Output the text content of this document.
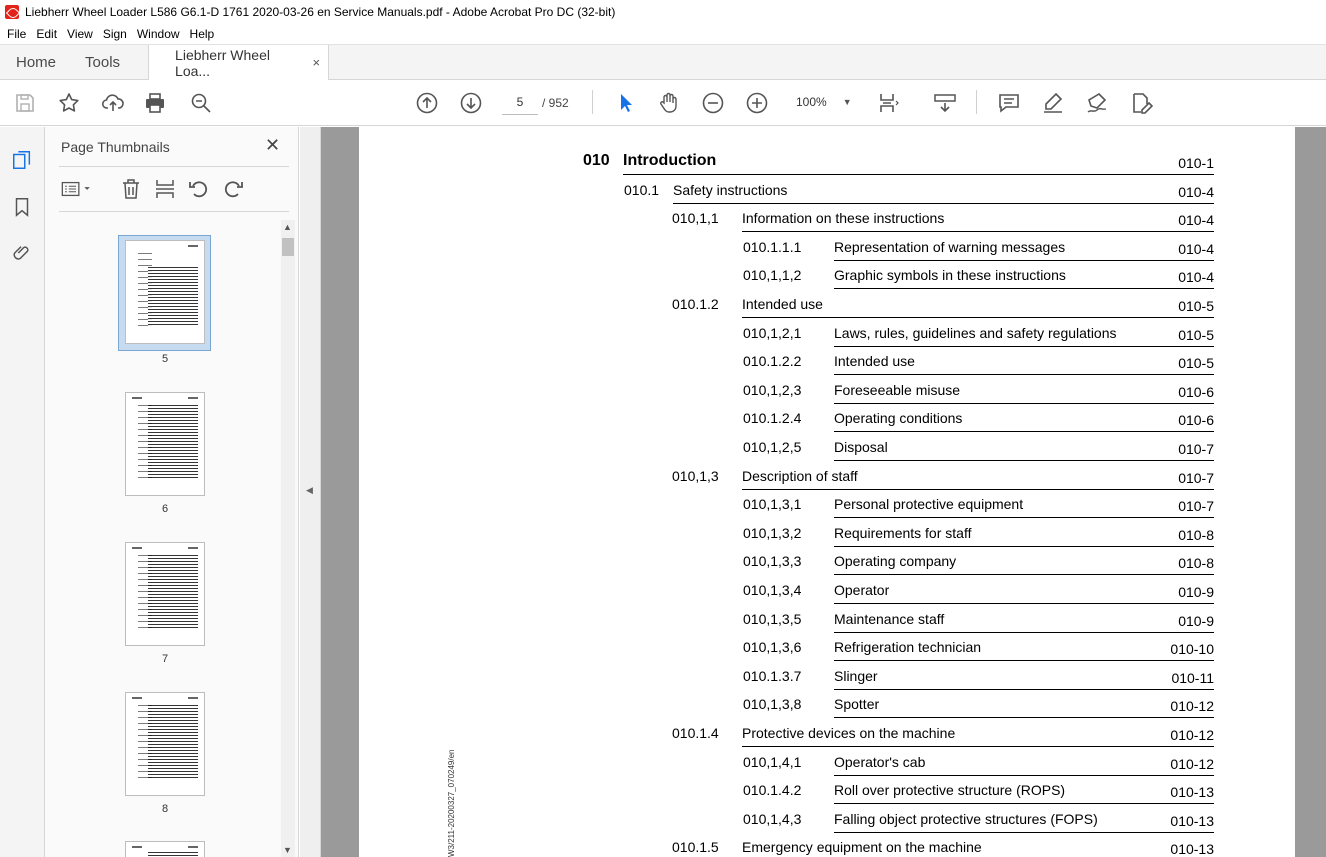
Liebherr Wheel Loader L586 G6.1-D 1761 2020-03-26 en Service Manuals.pdf - Adobe Acrobat Pro DC (32-bit)
File Edit View Sign Window Help
Home	Tools	Liebherr Wheel Loa...	×
5
/ 952	100% ▼
Page Thumbnails	✕
5
6
7
8
▲
▼
◀
010 Introduction	010-1
010.1 Safety instructions	010-4
010,1,1 Information on these instructions	010-4
010.1.1.1 Representation of warning messages	010-4
010,1,1,2 Graphic symbols in these instructions	010-4
010.1.2 Intended use	010-5
010,1,2,1 Laws, rules, guidelines and safety regulations	010-5
010.1.2.2 Intended use	010-5
010,1,2,3 Foreseeable misuse	010-6
010.1.2.4 Operating conditions	010-6
010,1,2,5 Disposal	010-7
010,1,3 Description of staff	010-7
010,1,3,1 Personal protective equipment	010-7
010,1,3,2 Requirements for staff	010-8
010,1,3,3 Operating company	010-8
010,1,3,4 Operator	010-9
010,1,3,5 Maintenance staff	010-9
010,1,3,6 Refrigeration technician	010-10
010.1.3.7 Slinger	010-11
010,1,3,8 Spotter	010-12
010.1.4 Protective devices on the machine	010-12
010,1,4,1 Operator's cab	010-12
010.1.4.2 Roll over protective structure (ROPS)	010-13
010,1,4,3 Falling object protective structures (FOPS)	010-13
010.1.5 Emergency equipment on the machine	010-13
W3/211-20200327_070249/en
